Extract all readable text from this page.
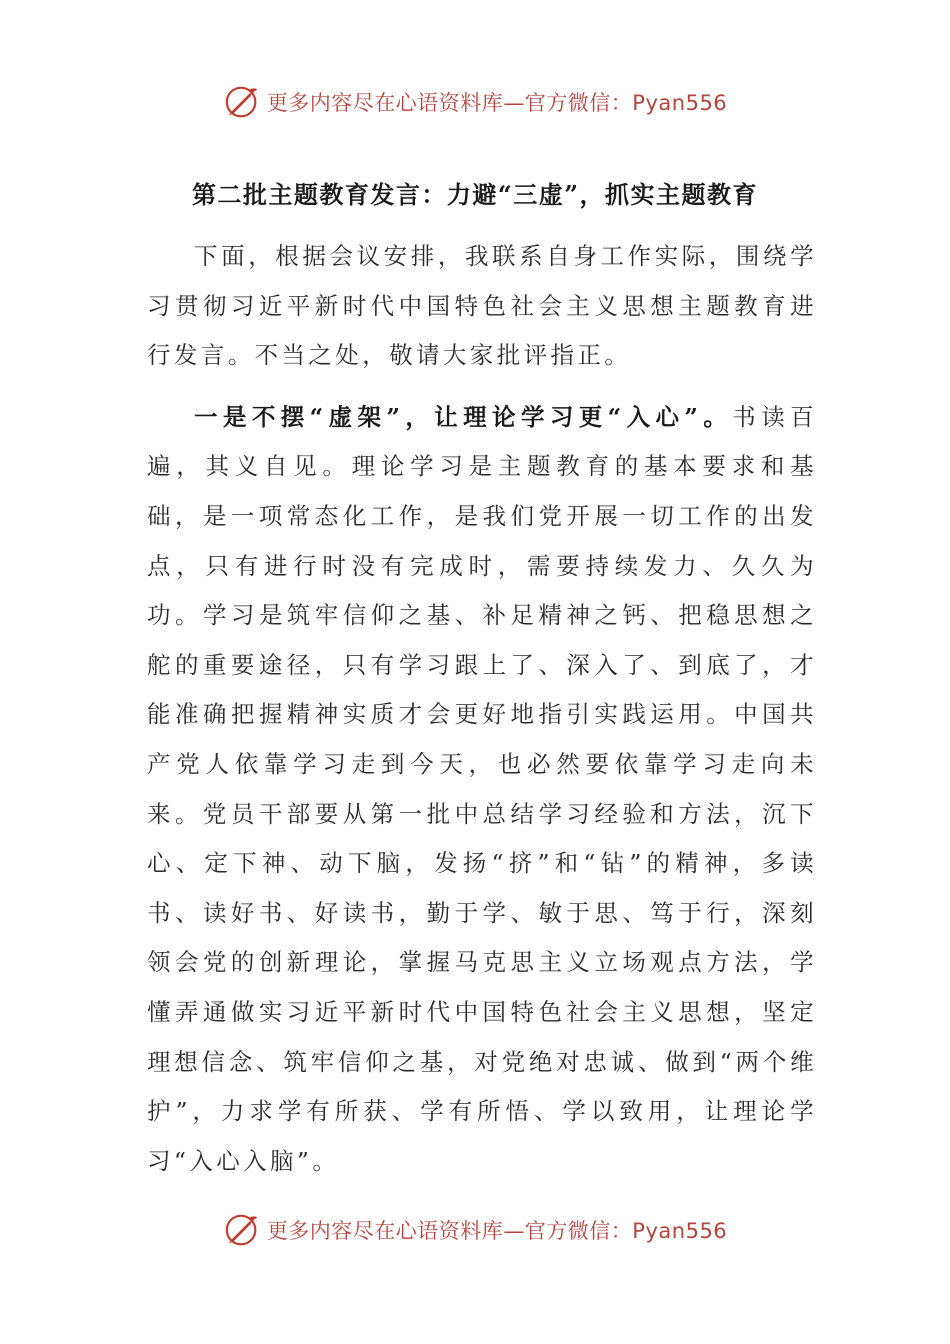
更多内容尽在心语资料库—官方微信：Pyan556
第二批主题教育发言：力避“三虚”，抓实主题教育

下面，根据会议安排，我联系自身工作实际，围绕学习贯彻习近平新时代中国特色社会主义思想主题教育进行发言。不当之处，敬请大家批评指正。

一是不摆“虚架”，让理论学习更“入心”。书读百遍，其义自见。理论学习是主题教育的基本要求和基础，是一项常态化工作，是我们党开展一切工作的出发点，只有进行时没有完成时，需要持续发力、久久为功。学习是筑牢信仰之基、补足精神之钙、把稳思想之舵的重要途径，只有学习跟上了、深入了、到底了，才能准确把握精神实质才会更好地指引实践运用。中国共产党人依靠学习走到今天，也必然要依靠学习走向未来。党员干部要从第一批中总结学习经验和方法，沉下心、定下神、动下脑，发扬“挤”和“钻”的精神，多读书、读好书、好读书，勤于学、敏于思、笃于行，深刻领会党的创新理论，掌握马克思主义立场观点方法，学懂弄通做实习近平新时代中国特色社会主义思想，坚定理想信念、筑牢信仰之基，对党绝对忠诚、做到“两个维护”，力求学有所获、学有所悟、学以致用，让理论学习“入心入脑”。

更多内容尽在心语资料库—官方微信：Pyan556
